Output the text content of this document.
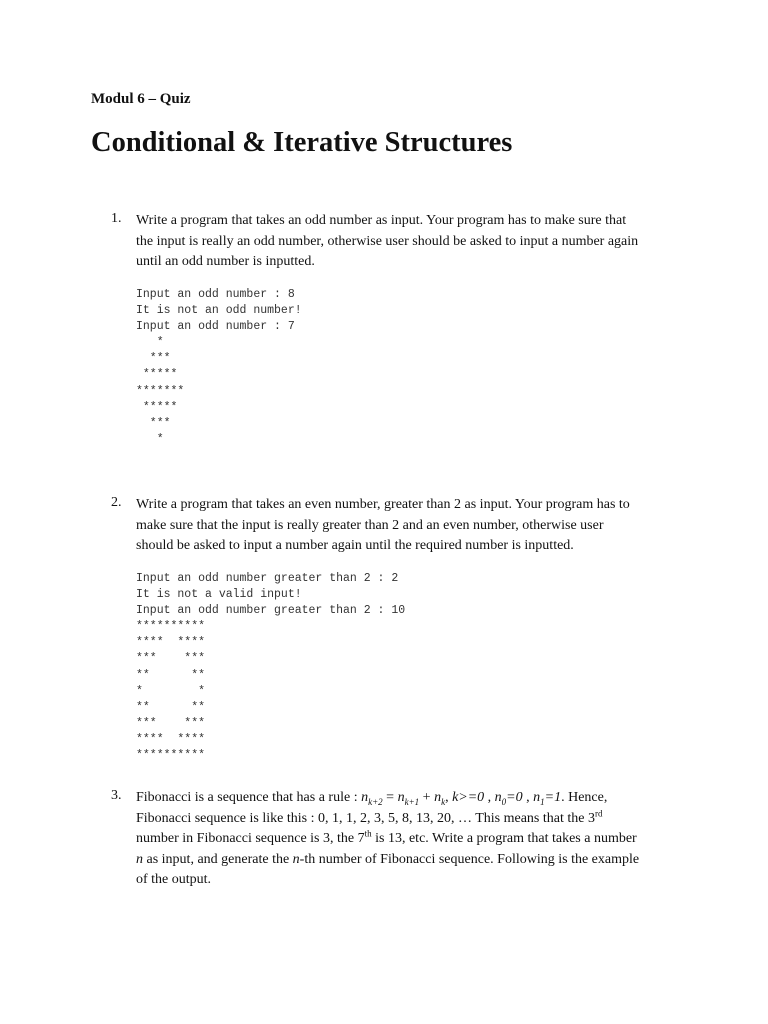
Modul 6 – Quiz
Conditional & Iterative Structures
1. Write a program that takes an odd number as input. Your program has to make sure that
the input is really an odd number, otherwise user should be asked to input a number again
until an odd number is inputted.
Input an odd number : 8
It is not an odd number!
Input an odd number : 7
*
***
*****
*******
*****
***
*
2. Write a program that takes an even number, greater than 2 as input. Your program has to
make sure that the input is really greater than 2 and an even number, otherwise user
should be asked to input a number again until the required number is inputted.
Input an odd number greater than 2 : 2
It is not a valid input!
Input an odd number greater than 2 : 10
**********
****  ****
***    ***
**      **
*        *
**      **
***    ***
****  ****
**********
3. Fibonacci is a sequence that has a rule : $n_{k+2} = n_{k+1} + n_k$, k>=0 , $n_0=0$ , $n_1=1$. Hence,
Fibonacci sequence is like this : 0, 1, 1, 2, 3, 5, 8, 13, 20, … This means that the 3rd
number in Fibonacci sequence is 3, the 7th is 13, etc. Write a program that takes a number
n as input, and generate the n-th number of Fibonacci sequence. Following is the example
of the output.
